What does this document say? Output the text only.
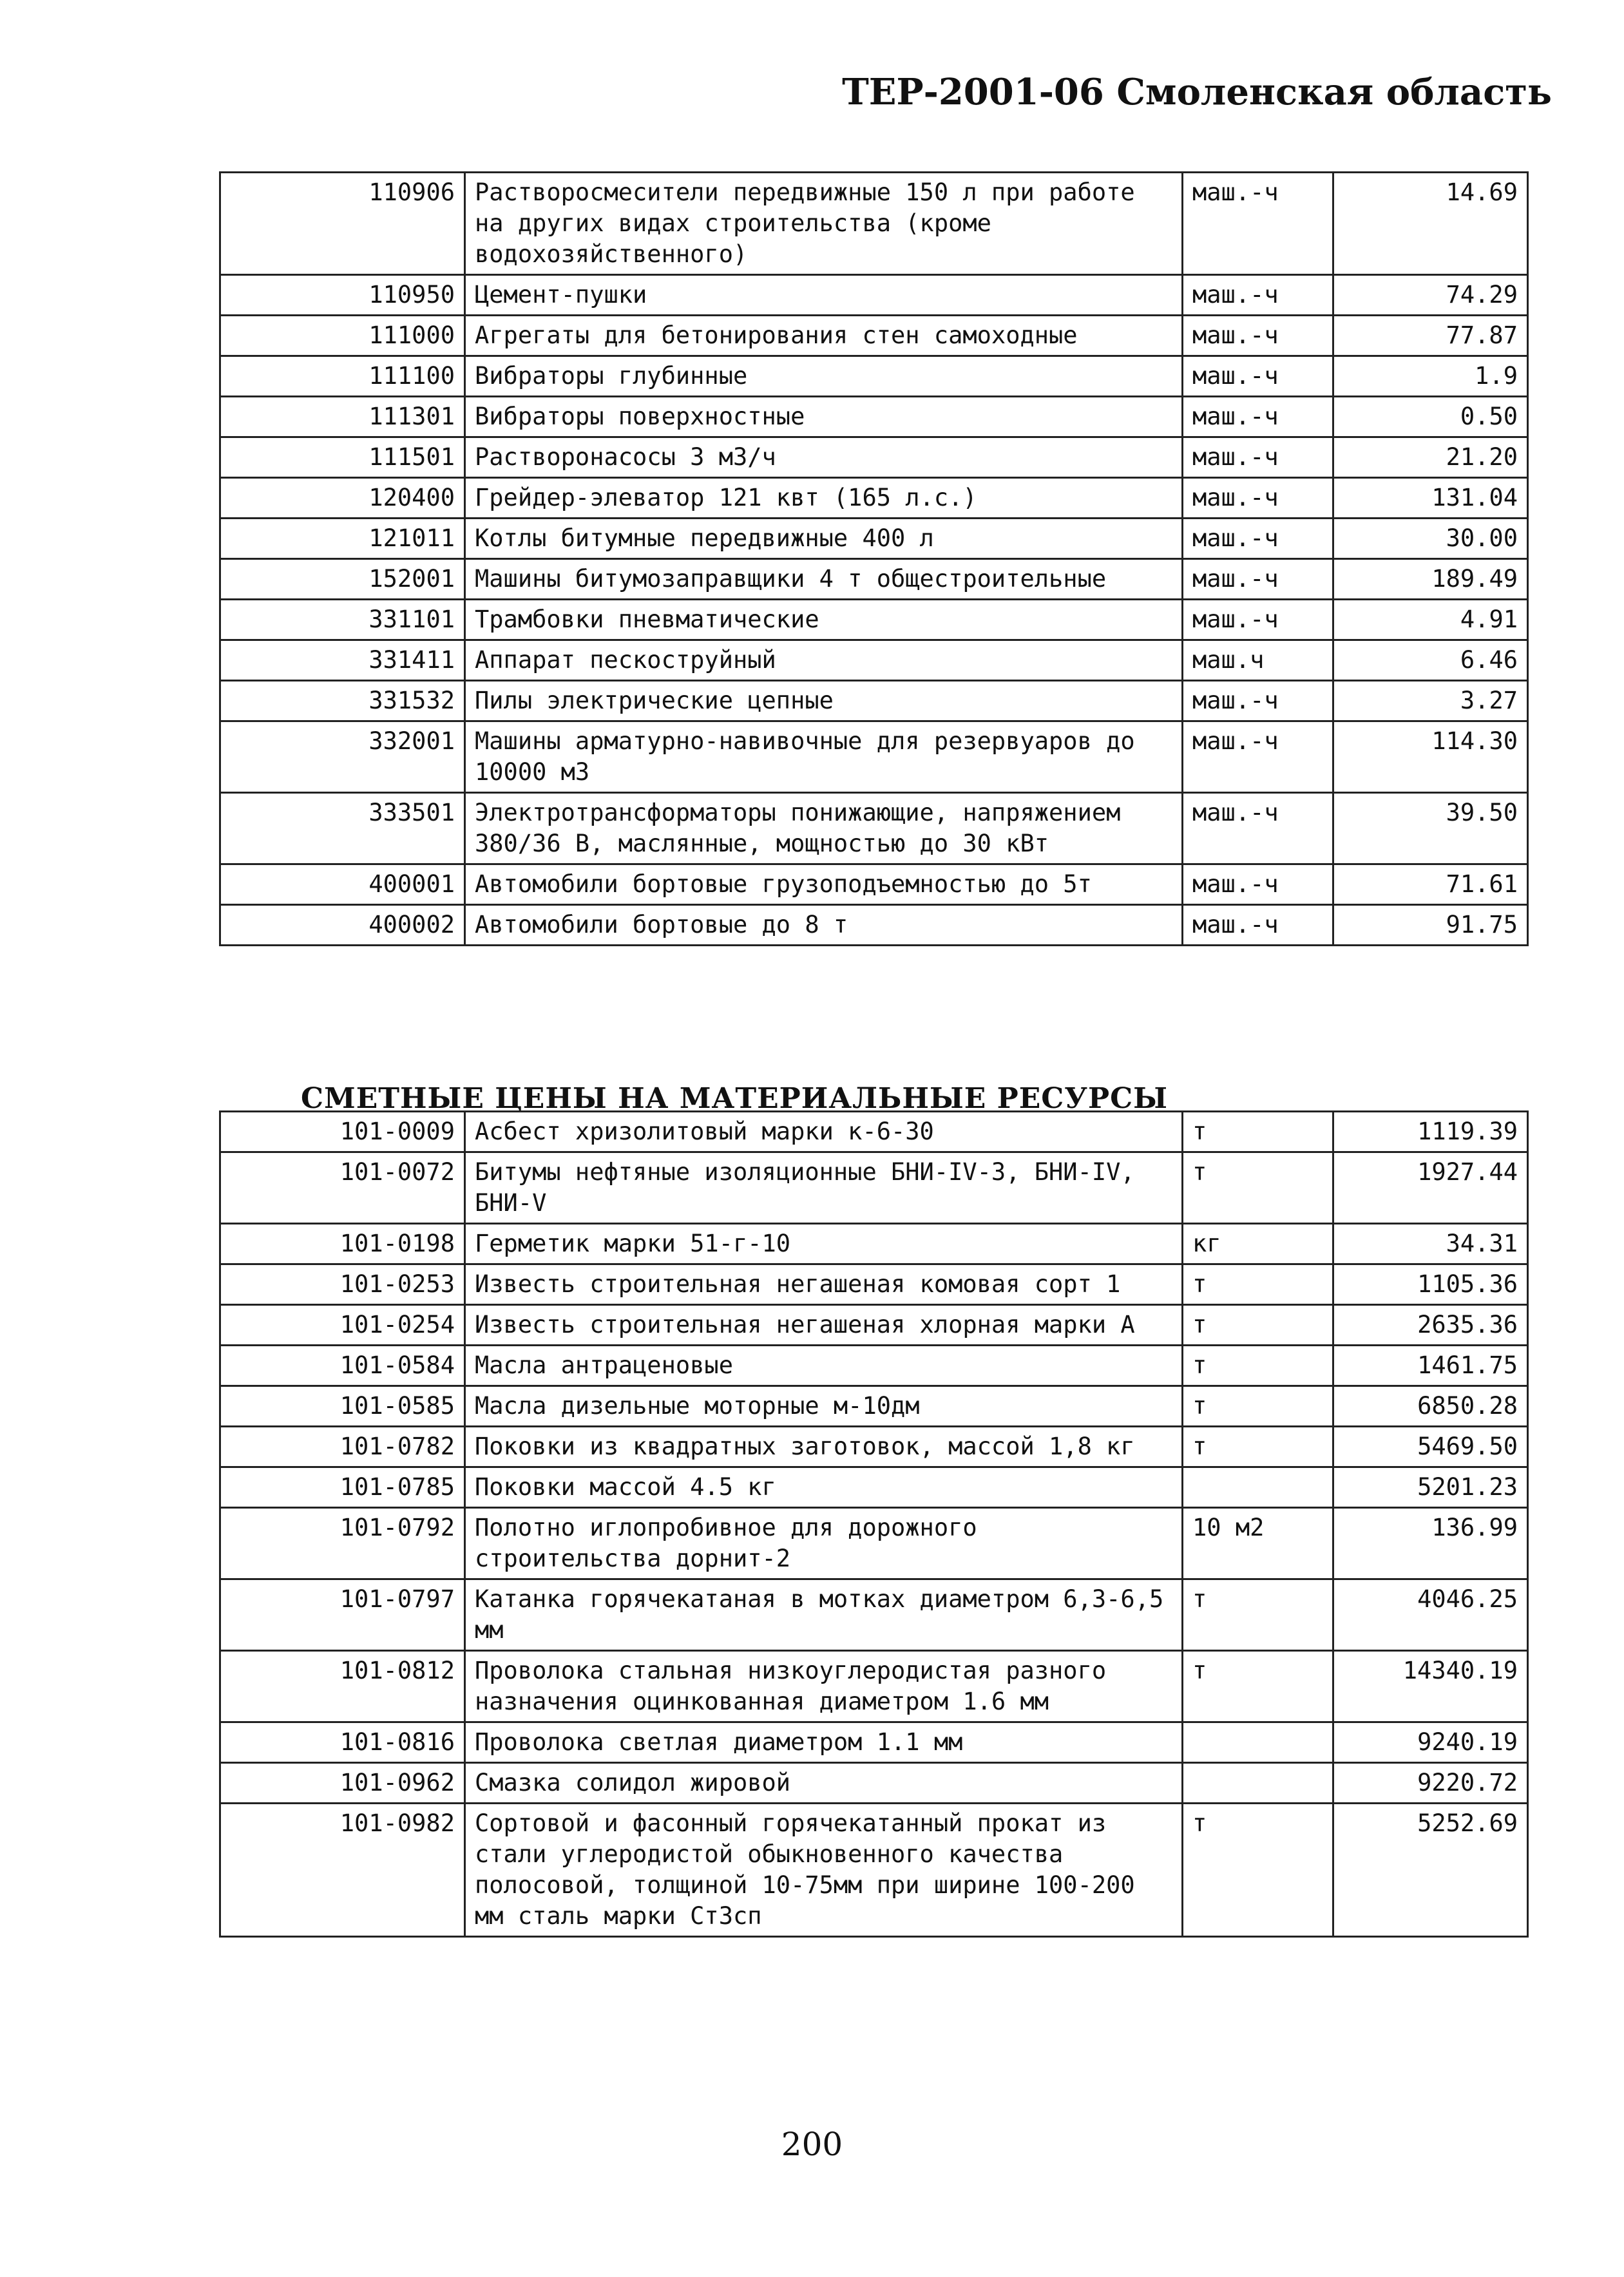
ТЕР-2001-06 Смоленская область
110906	Растворосмесители передвижные 150 л при работе на других видах строительства (кроме водохозяйственного)	маш.-ч	14.69
110950	Цемент-пушки	маш.-ч	74.29
111000	Агрегаты для бетонирования стен самоходные	маш.-ч	77.87
111100	Вибраторы глубинные	маш.-ч	1.9
111301	Вибраторы поверхностные	маш.-ч	0.50
111501	Растворонасосы 3 м3/ч	маш.-ч	21.20
120400	Грейдер-элеватор 121 квт (165 л.с.)	маш.-ч	131.04
121011	Котлы битумные передвижные 400 л	маш.-ч	30.00
152001	Машины битумозаправщики 4 т общестроительные	маш.-ч	189.49
331101	Трамбовки пневматические	маш.-ч	4.91
331411	Аппарат пескоструйный	маш.ч	6.46
331532	Пилы электрические цепные	маш.-ч	3.27
332001	Машины арматурно-навивочные для резервуаров до 10000 м3	маш.-ч	114.30
333501	Электротрансформаторы понижающие, напряжением 380/36 В, маслянные, мощностью до 30 кВт	маш.-ч	39.50
400001	Автомобили бортовые грузоподъемностью до 5т	маш.-ч	71.61
400002	Автомобили бортовые до 8 т	маш.-ч	91.75
СМЕТНЫЕ ЦЕНЫ НА МАТЕРИАЛЬНЫЕ РЕСУРСЫ
101-0009	Асбест хризолитовый марки к-6-30	т	1119.39
101-0072	Битумы нефтяные изоляционные БНИ-IV-3, БНИ-IV, БНИ-V	т	1927.44
101-0198	Герметик марки 51-г-10	кг	34.31
101-0253	Известь строительная негашеная комовая сорт 1	т	1105.36
101-0254	Известь строительная негашеная хлорная марки А	т	2635.36
101-0584	Масла антраценовые	т	1461.75
101-0585	Масла дизельные моторные м-10дм	т	6850.28
101-0782	Поковки из квадратных заготовок, массой 1,8 кг	т	5469.50
101-0785	Поковки массой 4.5 кг		5201.23
101-0792	Полотно иглопробивное для дорожного строительства дорнит-2	10 м2	136.99
101-0797	Катанка горячекатаная в мотках диаметром 6,3-6,5 мм	т	4046.25
101-0812	Проволока стальная низкоуглеродистая разного назначения оцинкованная диаметром 1.6 мм	т	14340.19
101-0816	Проволока светлая диаметром 1.1 мм		9240.19
101-0962	Смазка солидол жировой		9220.72
101-0982	Сортовой и фасонный горячекатанный прокат из стали углеродистой обыкновенного качества полосовой, толщиной 10-75мм при ширине 100-200 мм сталь марки Ст3сп	т	5252.69
200
